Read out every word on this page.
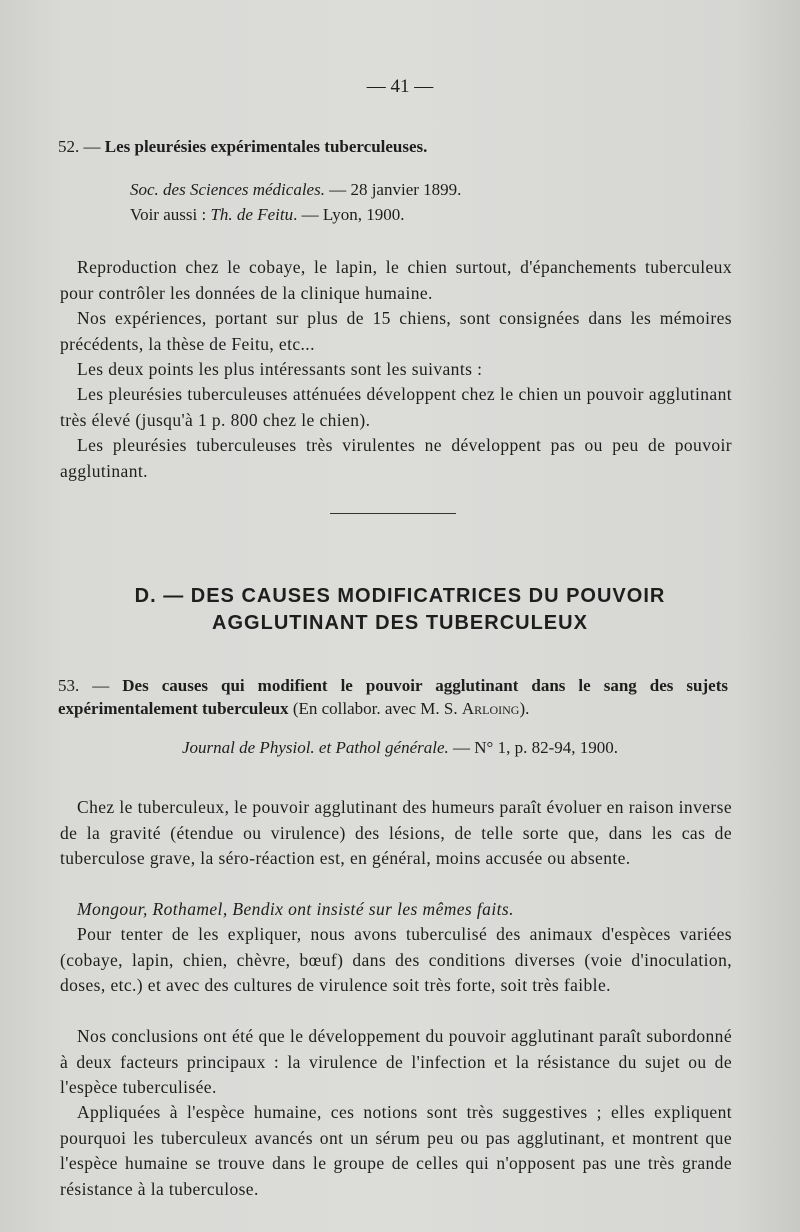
— 41 —
52. — Les pleurésies expérimentales tuberculeuses.
Soc. des Sciences médicales. — 28 janvier 1899.
Voir aussi : Th. de Feitu. — Lyon, 1900.

Reproduction chez le cobaye, le lapin, le chien surtout, d'épanchements tuberculeux pour contrôler les données de la clinique humaine.

Nos expériences, portant sur plus de 15 chiens, sont consignées dans les mémoires précédents, la thèse de Feitu, etc...

Les deux points les plus intéressants sont les suivants :

Les pleurésies tuberculeuses atténuées développent chez le chien un pouvoir agglutinant très élevé (jusqu'à 1 p. 800 chez le chien).

Les pleurésies tuberculeuses très virulentes ne développent pas ou peu de pouvoir agglutinant.

D. — DES CAUSES MODIFICATRICES DU POUVOIR
AGGLUTINANT DES TUBERCULEUX

53. — Des causes qui modifient le pouvoir agglutinant dans le sang des sujets expérimentalement tuberculeux (En collabor. avec M. S. Arloing).

Journal de Physiol. et Pathol générale. — N° 1, p. 82-94, 1900.

Chez le tuberculeux, le pouvoir agglutinant des humeurs paraît évoluer en raison inverse de la gravité (étendue ou virulence) des lésions, de telle sorte que, dans les cas de tuberculose grave, la séro-réaction est, en général, moins accusée ou absente.

Mongour, Rothamel, Bendix ont insisté sur les mêmes faits.

Pour tenter de les expliquer, nous avons tuberculisé des animaux d'espèces variées (cobaye, lapin, chien, chèvre, bœuf) dans des conditions diverses (voie d'inoculation, doses, etc.) et avec des cultures de virulence soit très forte, soit très faible.

Nos conclusions ont été que le développement du pouvoir agglutinant paraît subordonné à deux facteurs principaux : la virulence de l'infection et la résistance du sujet ou de l'espèce tuberculisée.

Appliquées à l'espèce humaine, ces notions sont très suggestives ; elles expliquent pourquoi les tuberculeux avancés ont un sérum peu ou pas agglutinant, et montrent que l'espèce humaine se trouve dans le groupe de celles qui n'opposent pas une très grande résistance à la tuberculose.
